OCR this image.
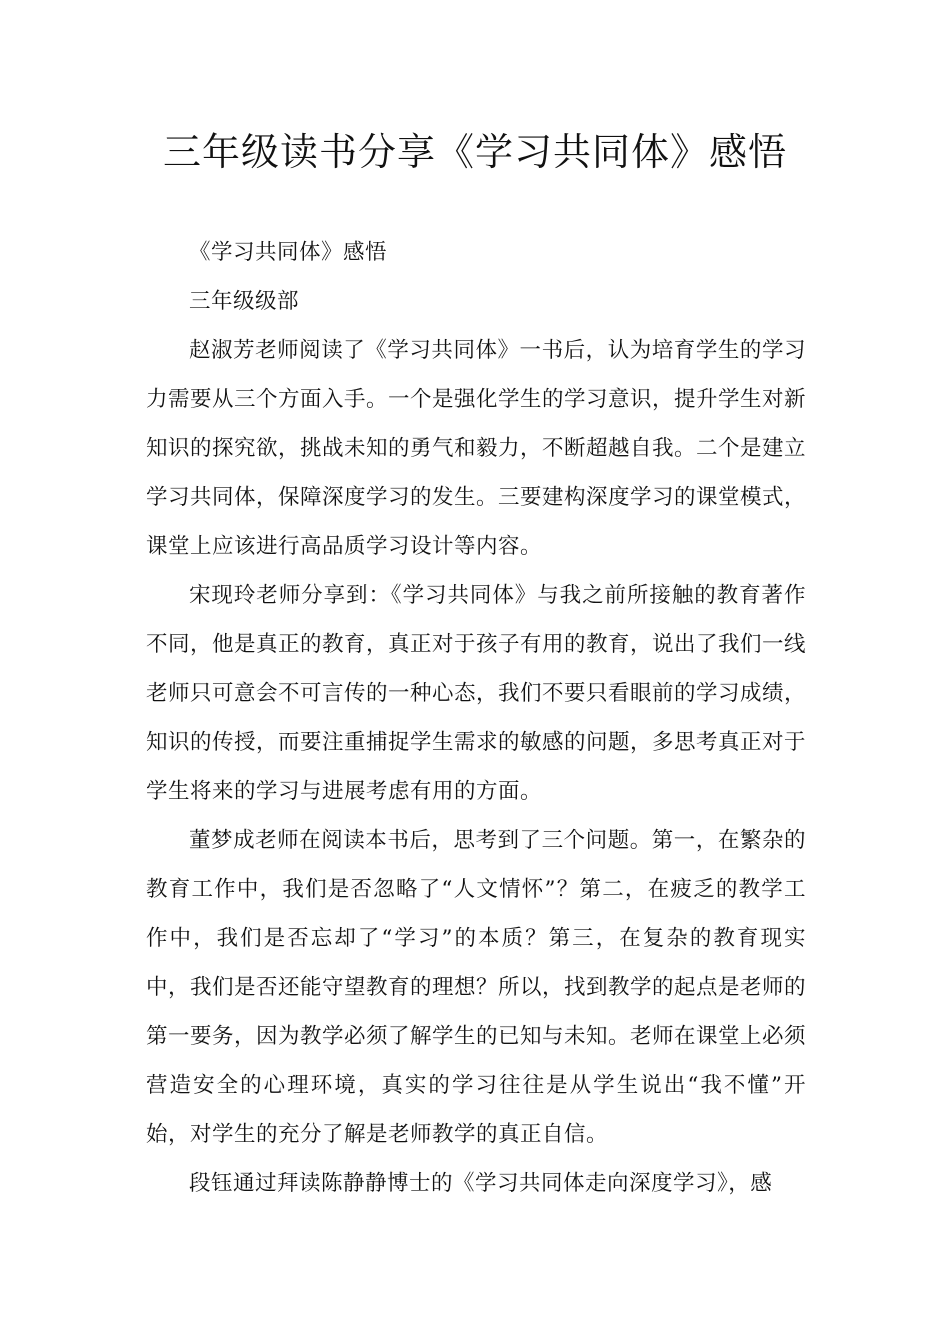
三年级读书分享《学习共同体》感悟

《学习共同体》感悟

三年级级部

赵淑芳老师阅读了《学习共同体》一书后，认为培育学生的学习力需要从三个方面入手。一个是强化学生的学习意识，提升学生对新知识的探究欲，挑战未知的勇气和毅力，不断超越自我。二个是建立学习共同体，保障深度学习的发生。三要建构深度学习的课堂模式，课堂上应该进行高品质学习设计等内容。

宋现玲老师分享到：《学习共同体》与我之前所接触的教育著作不同，他是真正的教育，真正对于孩子有用的教育，说出了我们一线老师只可意会不可言传的一种心态，我们不要只看眼前的学习成绩，知识的传授，而要注重捕捉学生需求的敏感的问题，多思考真正对于学生将来的学习与进展考虑有用的方面。

董梦成老师在阅读本书后，思考到了三个问题。第一，在繁杂的教育工作中，我们是否忽略了“人文情怀”？第二，在疲乏的教学工作中，我们是否忘却了“学习”的本质？第三，在复杂的教育现实中，我们是否还能守望教育的理想？所以，找到教学的起点是老师的第一要务，因为教学必须了解学生的已知与未知。老师在课堂上必须营造安全的心理环境，真实的学习往往是从学生说出“我不懂”开始，对学生的充分了解是老师教学的真正自信。

段钰通过拜读陈静静博士的《学习共同体走向深度学习》，感
